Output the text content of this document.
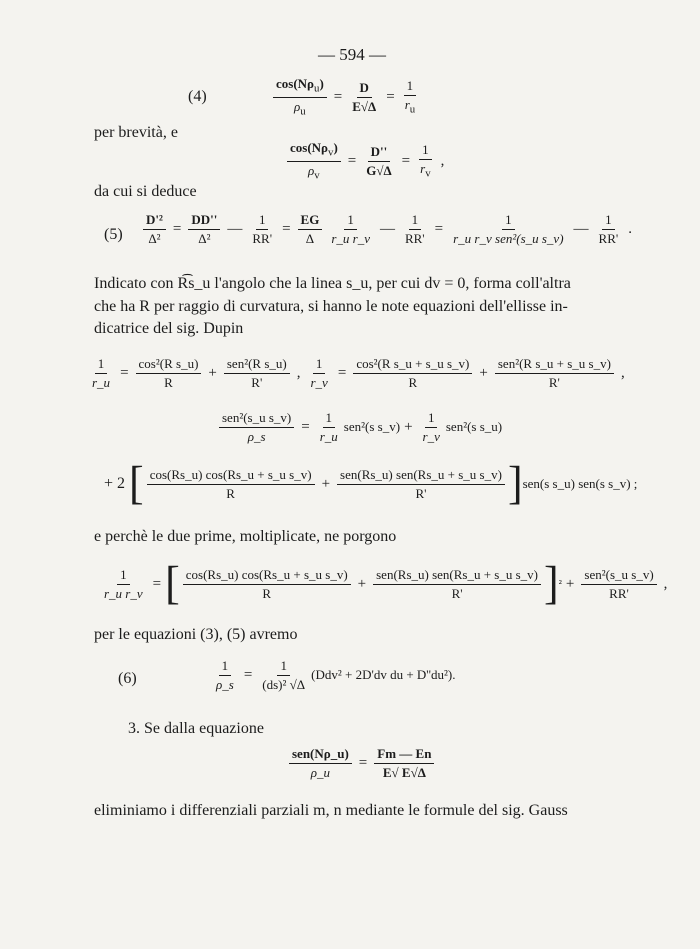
— 594 —
(4)	$\frac{\cos(N\rho_u)}{\rho_u} = \frac{D}{E√\Delta} = \frac{1}{r_u}$
per brevità, e
$\frac{\cos(N\rho_v)}{\rho_v} = \frac{D''}{G√\Delta} = \frac{1}{r_v}$ ,
da cui si deduce
$(5) \frac{\text{D'²}}{\text{Δ²}} = \frac{DD''}{\text{Δ²}}$ — $\frac{1}{RR'} = \frac{EG}{\Delta} \frac{1}{\text{r\_u r\_v}}$ — $\frac{1}{RR'} = \frac{1}{\text{r\_u r\_v sen²(s\_u s\_v)}}$ — $\frac{1}{RR'}$ .
Indicato con R͡s_u l'angolo che la linea s_u, per cui dv = 0, forma coll'altra
che ha R per raggio di curvatura, si hanno le note equazioni dell'ellisse in-
dicatrice del sig. Dupin
$\frac{1}{r\_u} = \frac{\text{cos²(R s\_u)}}{R} + \frac{\text{sen²(R s\_u)}}{R'}$ , $\frac{1}{r\_v} = \frac{\text{cos²(R s\_u + s\_u s\_v)}}{R} + \frac{\text{sen²(R s\_u + s\_u s\_v)}}{R'}$ ,
$\frac{\text{sen²(s\_u s\_v)}}{\rho\_s} = \frac{1}{r\_u} sen^2(s$ s_v) + $\frac{1}{r\_v} sen^2(s$ s_u)
+ 2 [ $\frac{\text{cos(Rs\_u) cos(Rs\_u + s\_u s\_v)}}{R} + \frac{\text{sen(Rs\_u) sen(Rs\_u + s\_u s\_v)}}{R'}$ ] sen(s s_u) sen(s s_v) ;
e perchè le due prime, moltiplicate, ne porgono
$\frac{1}{\text{r\_u r\_v}}$ = [ $\frac{\text{cos(Rs\_u) cos(Rs\_u + s\_u s\_v)}}{R} + \frac{\text{sen(Rs\_u) sen(Rs\_u + s\_u s\_v)}}{R'}$ ] $^2 + \frac{\text{sen²(s\_u s\_v)}}{RR'}$ ,
per le equazioni (3), (5) avremo
(6)	$\frac{1}{\rho\_s} = \frac{1}{\text{(ds)² √Δ}} (Ddv^2 + 2D'dv$ du + D''du²).
3. Se dalla equazione
$\frac{\text{sen(Nρ\_u)}}{\rho\_u} = \frac{Fm — En}{E√ E√\Delta}$
eliminiamo i differenziali parziali m, n mediante le formule del sig. Gauss
